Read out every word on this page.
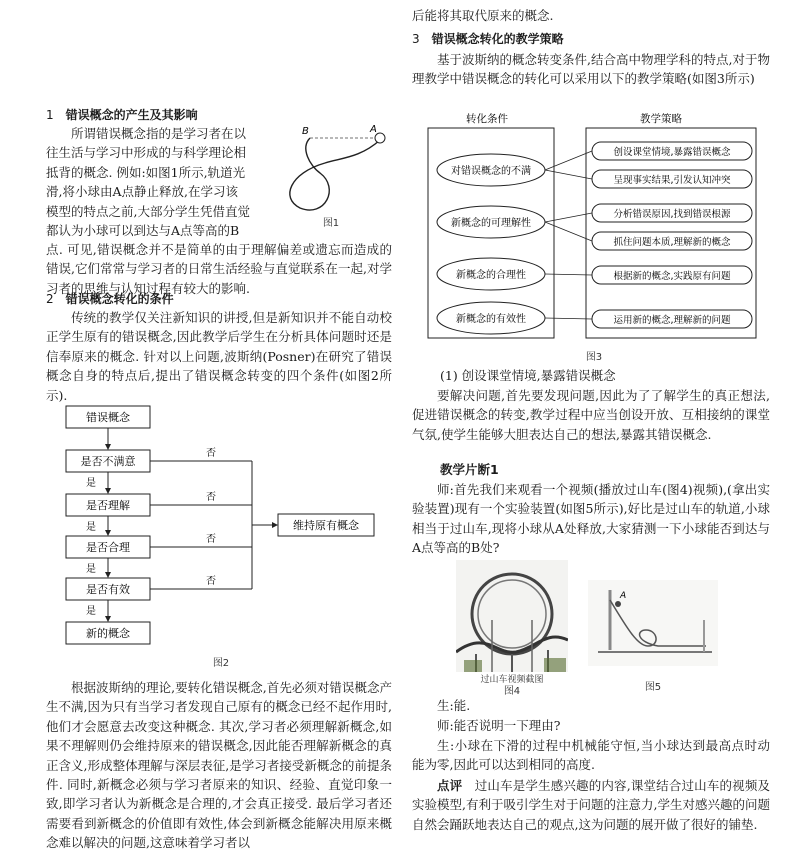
1 错误概念的产生及其影响

所谓错误概念指的是学习者在以

往生活与学习中形成的与科学理论相

抵背的概念. 例如:如图1所示,轨道光

滑,将小球由A点静止释放,在学习该

模型的特点之前,大部分学生凭借直觉

都认为小球可以到达与A点等高的B

A
B
图1

点. 可见,错误概念并不是简单的由于理解偏差或遗忘而造成的错误,它们常常与学习者的日常生活经验与直觉联系在一起,对学习者的思维与认知过程有较大的影响.

2 错误概念转化的条件

传统的教学仅关注新知识的讲授,但是新知识并不能自动校正学生原有的错误概念,因此教学后学生在分析具体问题时还是信奉原来的概念. 针对以上问题,波斯纳(Posner)在研究了错误概念自身的特点后,提出了错误概念转变的四个条件(如图2所示).

错误概念
是否不满意
是否理解
是否合理
是否有效
新的概念
维持原有概念
是
是
是
是
否
否
否
否
图2

根据波斯纳的理论,要转化错误概念,首先必须对错误概念产生不满,因为只有当学习者发现自己原有的概念已经不起作用时,他们才会愿意去改变这种概念. 其次,学习者必须理解新概念,如果不理解则仍会维持原来的错误概念,因此能否理解新概念的真正含义,形成整体理解与深层表征,是学习者接受新概念的前提条件. 同时,新概念必须与学习者原来的知识、经验、直觉印象一致,即学习者认为新概念是合理的,才会真正接受. 最后学习者还需要看到新概念的价值即有效性,体会到新概念能解决用原来概念难以解决的问题,这意味着学习者以

后能将其取代原来的概念.

3 错误概念转化的教学策略

基于波斯纳的概念转变条件,结合高中物理学科的特点,对于物理教学中错误概念的转化可以采用以下的教学策略(如图3所示)

转化条件	教学策略
对错误概念的不满
新概念的可理解性
新概念的合理性
新概念的有效性
创设课堂情境,暴露错误概念
呈现事实结果,引发认知冲突
分析错误原因,找到错误根源
抓住问题本质,理解新的概念
根据新的概念,实践原有问题
运用新的概念,理解新的问题
图3

(1) 创设课堂情境,暴露错误概念

要解决问题,首先要发现问题,因此为了了解学生的真正想法,促进错误概念的转变,教学过程中应当创设开放、互相接纳的课堂气氛,使学生能够大胆表达自己的想法,暴露其错误概念.

教学片断1

师:首先我们来观看一个视频(播放过山车(图4)视频),(拿出实验装置)现有一个实验装置(如图5所示),好比是过山车的轨道,小球相当于过山车,现将小球从A处释放,大家猜测一下小球能否到达与A点等高的B处?

过山车视频截图
图4
A
图5

生:能.

师:能否说明一下理由?

生:小球在下滑的过程中机械能守恒,当小球达到最高点时动能为零,因此可以达到相同的高度.

点评 过山车是学生感兴趣的内容,课堂结合过山车的视频及实验模型,有利于吸引学生对于问题的注意力,学生对感兴趣的问题自然会踊跃地表达自己的观点,这为问题的展开做了很好的铺垫.
